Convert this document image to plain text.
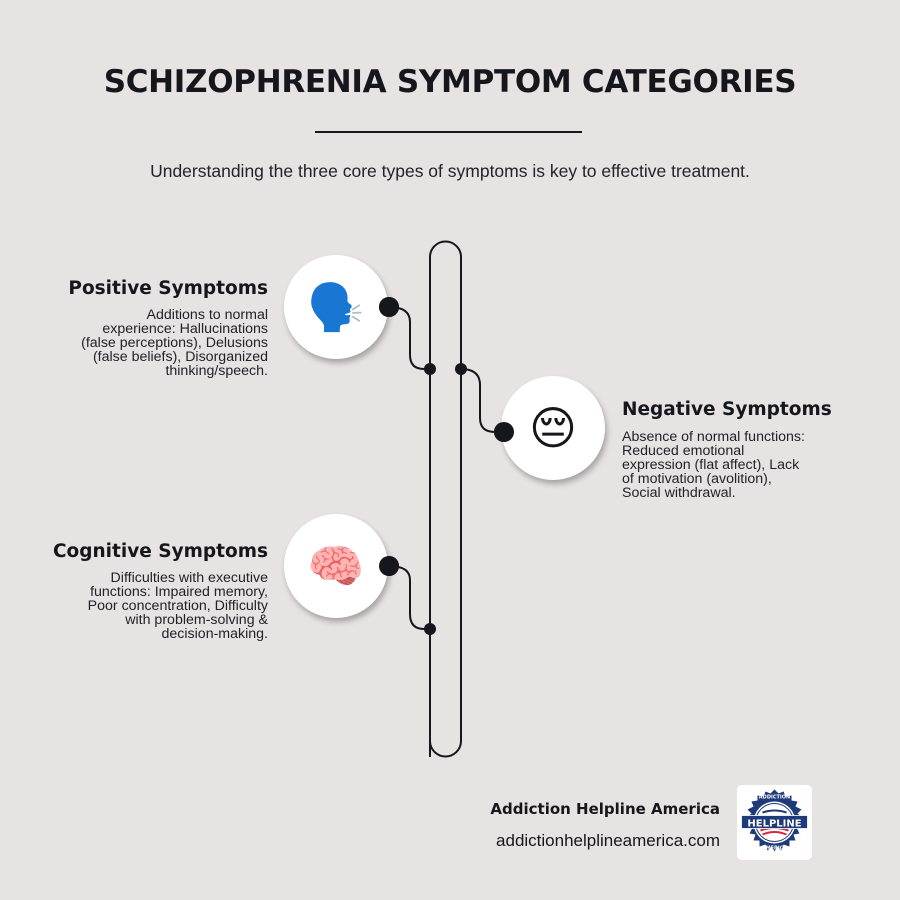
SCHIZOPHRENIA SYMPTOM CATEGORIES
Understanding the three core types of symptoms is key to effective treatment.
🗣️
Positive Symptoms
Additions to normal
experience: Hallucinations
(false perceptions), Delusions
(false beliefs), Disorganized
thinking/speech.
😔	Negative Symptoms
Absence of normal functions:
Reduced emotional
expression (flat affect), Lack
of motivation (avolition),
Social withdrawal.
🧠
Cognitive Symptoms
Difficulties with executive
functions: Impaired memory,
Poor concentration, Difficulty
with problem-solving &
decision-making.
Addiction Helpline America
addictionhelplineamerica.com
HELPLINE
ADDICTION
AMERICA
